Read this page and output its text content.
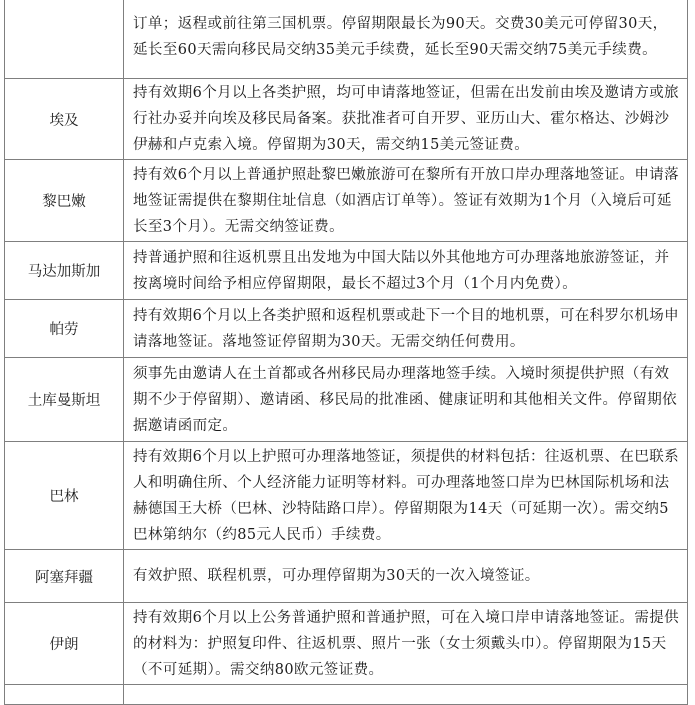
	订单；返程或前往第三国机票。停留期限最长为90天。交费30美元可停留30天，延长至60天需向移民局交纳35美元手续费，延长至90天需交纳75美元手续费。
埃及	持有效期6个月以上各类护照，均可申请落地签证，但需在出发前由埃及邀请方或旅行社办妥并向埃及移民局备案。获批准者可自开罗、亚历山大、霍尔格达、沙姆沙伊赫和卢克索入境。停留期为30天，需交纳15美元签证费。
黎巴嫩	持有效6个月以上普通护照赴黎巴嫩旅游可在黎所有开放口岸办理落地签证。申请落地签证需提供在黎期住址信息（如酒店订单等）。签证有效期为1个月（入境后可延长至3个月）。无需交纳签证费。
马达加斯加	持普通护照和往返机票且出发地为中国大陆以外其他地方可办理落地旅游签证，并按离境时间给予相应停留期限，最长不超过3个月（1个月内免费）。
帕劳	持有效期6个月以上各类护照和返程机票或赴下一个目的地机票，可在科罗尔机场申请落地签证。落地签证停留期为30天。无需交纳任何费用。
土库曼斯坦	须事先由邀请人在土首都或各州移民局办理落地签手续。入境时须提供护照（有效期不少于停留期）、邀请函、移民局的批准函、健康证明和其他相关文件。停留期依据邀请函而定。
巴林	持有效期6个月以上护照可办理落地签证，须提供的材料包括：往返机票、在巴联系人和明确住所、个人经济能力证明等材料。可办理落地签口岸为巴林国际机场和法赫德国王大桥（巴林、沙特陆路口岸）。停留期限为14天（可延期一次）。需交纳5巴林第纳尔（约85元人民币）手续费。
阿塞拜疆	有效护照、联程机票，可办理停留期为30天的一次入境签证。
伊朗	持有效期6个月以上公务普通护照和普通护照，可在入境口岸申请落地签证。需提供的材料为：护照复印件、往返机票、照片一张（女士须戴头巾）。停留期限为15天（不可延期）。需交纳80欧元签证费。
